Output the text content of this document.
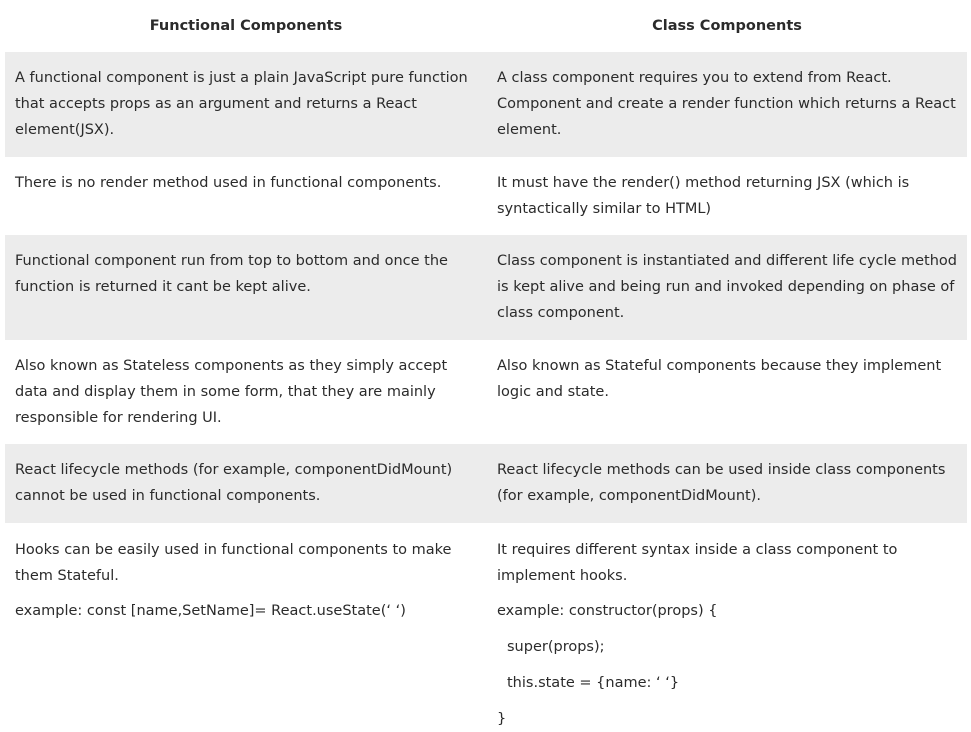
Functional Components	Class Components
A functional component is just a plain JavaScript pure function that accepts props as an argument and returns a React element(JSX).
A class component requires you to extend from React. Component and create a render function which returns a React element.
There is no render method used in functional components.	It must have the render() method returning JSX (which is syntactically similar to HTML)
Functional component run from top to bottom and once the function is returned it cant be kept alive.
Class component is instantiated and different life cycle method is kept alive and being run and invoked depending on phase of class component.
Also known as Stateless components as they simply accept data and display them in some form, that they are mainly responsible for rendering UI.
Also known as Stateful components because they implement logic and state.
React lifecycle methods (for example, componentDidMount) cannot be used in functional components.
React lifecycle methods can be used inside class components (for example, componentDidMount).
Hooks can be easily used in functional components to make them Stateful.
example: const [name,SetName]= React.useState(‘ ‘)
It requires different syntax inside a class component to implement hooks.
example: constructor(props) {
super(props);
this.state = {name: ‘ ‘}
}
